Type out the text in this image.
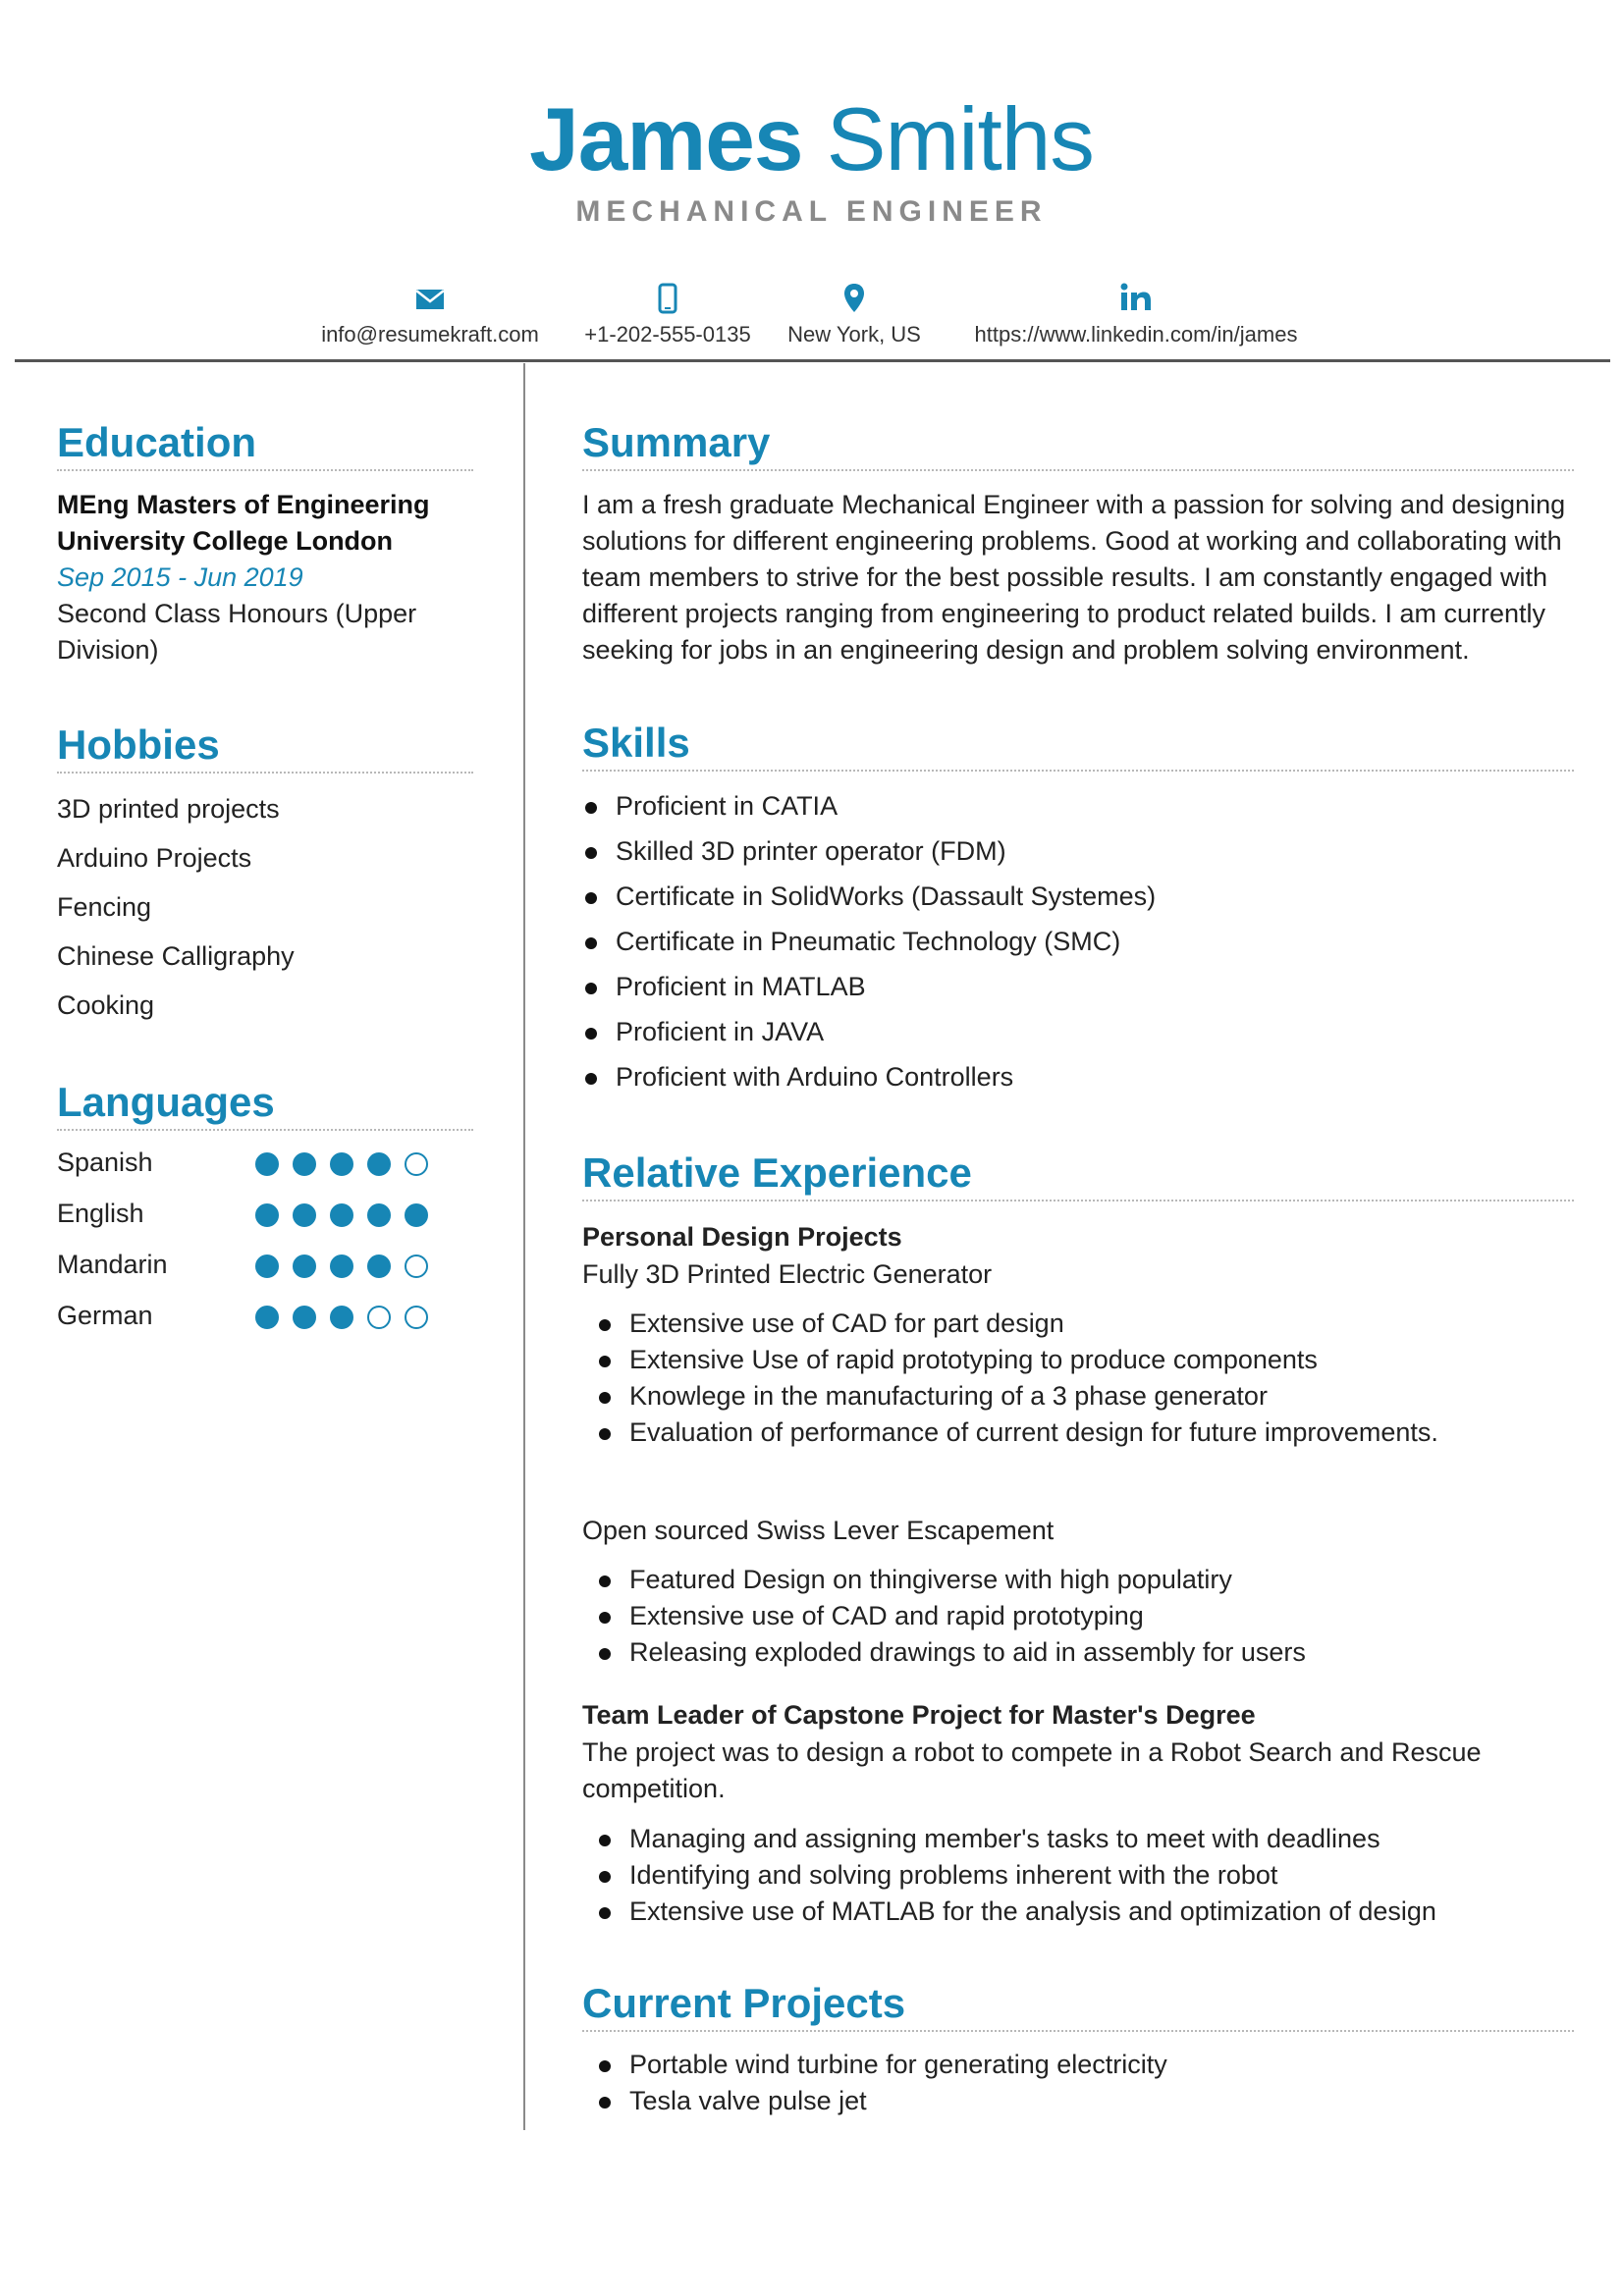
James Smiths
MECHANICAL ENGINEER
info@resumekraft.com	+1-202-555-0135 New York, US	https://www.linkedin.com/in/james
Education
MEng Masters of Engineering
University College London
Sep 2015 - Jun 2019
Second Class Honours (Upper
Division)
Hobbies
3D printed projects
Arduino Projects
Fencing
Chinese Calligraphy
Cooking
Languages
Spanish
English
Mandarin
German
Summary
I am a fresh graduate Mechanical Engineer with a passion for solving and designing
solutions for different engineering problems. Good at working and collaborating with
team members to strive for the best possible results. I am constantly engaged with
different projects ranging from engineering to product related builds. I am currently
seeking for jobs in an engineering design and problem solving environment.
Skills
Proficient in CATIA
Skilled 3D printer operator (FDM)
Certificate in SolidWorks (Dassault Systemes)
Certificate in Pneumatic Technology (SMC)
Proficient in MATLAB
Proficient in JAVA
Proficient with Arduino Controllers
Relative Experience
Personal Design Projects
Fully 3D Printed Electric Generator
Extensive use of CAD for part design
Extensive Use of rapid prototyping to produce components
Knowlege in the manufacturing of a 3 phase generator
Evaluation of performance of current design for future improvements.
Open sourced Swiss Lever Escapement
Featured Design on thingiverse with high populatiry
Extensive use of CAD and rapid prototyping
Releasing exploded drawings to aid in assembly for users
Team Leader of Capstone Project for Master's Degree
The project was to design a robot to compete in a Robot Search and Rescue
competition.
Managing and assigning member's tasks to meet with deadlines
Identifying and solving problems inherent with the robot
Extensive use of MATLAB for the analysis and optimization of design
Current Projects
Portable wind turbine for generating electricity
Tesla valve pulse jet
